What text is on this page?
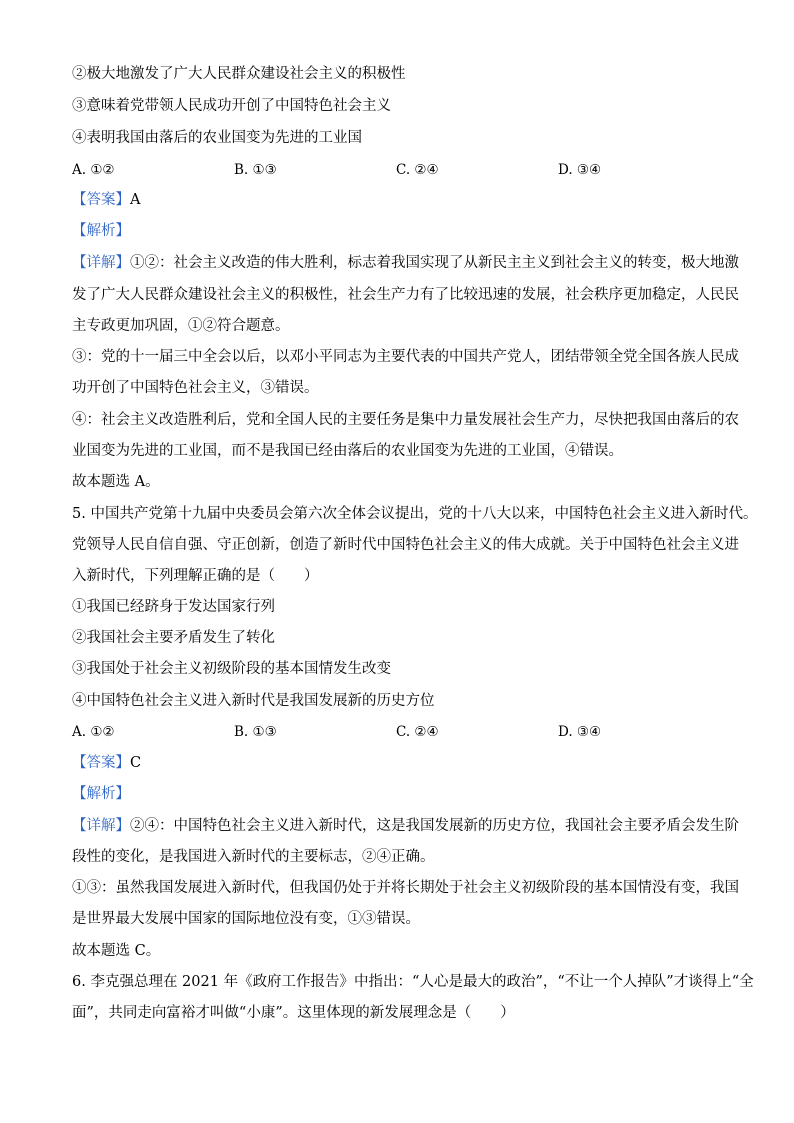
②极大地激发了广大人民群众建设社会主义的积极性
③意味着党带领人民成功开创了中国特色社会主义
④表明我国由落后的农业国变为先进的工业国
A. ①②	B. ①③	C. ②④	D. ③④
【答案】A
【解析】
【详解】①②：社会主义改造的伟大胜利，标志着我国实现了从新民主主义到社会主义的转变，极大地激
发了广大人民群众建设社会主义的积极性，社会生产力有了比较迅速的发展，社会秩序更加稳定，人民民
主专政更加巩固，①②符合题意。
③：党的十一届三中全会以后，以邓小平同志为主要代表的中国共产党人，团结带领全党全国各族人民成
功开创了中国特色社会主义，③错误。
④：社会主义改造胜利后，党和全国人民的主要任务是集中力量发展社会生产力，尽快把我国由落后的农
业国变为先进的工业国，而不是我国已经由落后的农业国变为先进的工业国，④错误。
故本题选 A。
5. 中国共产党第十九届中央委员会第六次全体会议提出，党的十八大以来，中国特色社会主义进入新时代。
党领导人民自信自强、守正创新，创造了新时代中国特色社会主义的伟大成就。关于中国特色社会主义进
入新时代，下列理解正确的是（　　）
①我国已经跻身于发达国家行列
②我国社会主要矛盾发生了转化
③我国处于社会主义初级阶段的基本国情发生改变
④中国特色社会主义进入新时代是我国发展新的历史方位
A. ①②	B. ①③	C. ②④	D. ③④
【答案】C
【解析】
【详解】②④：中国特色社会主义进入新时代，这是我国发展新的历史方位，我国社会主要矛盾会发生阶
段性的变化，是我国进入新时代的主要标志，②④正确。
①③：虽然我国发展进入新时代，但我国仍处于并将长期处于社会主义初级阶段的基本国情没有变，我国
是世界最大发展中国家的国际地位没有变，①③错误。
故本题选 C。
6. 李克强总理在 2021 年《政府工作报告》中指出：“人心是最大的政治”，“不让一个人掉队”才谈得上“全
面”，共同走向富裕才叫做“小康”。这里体现的新发展理念是（　　）
